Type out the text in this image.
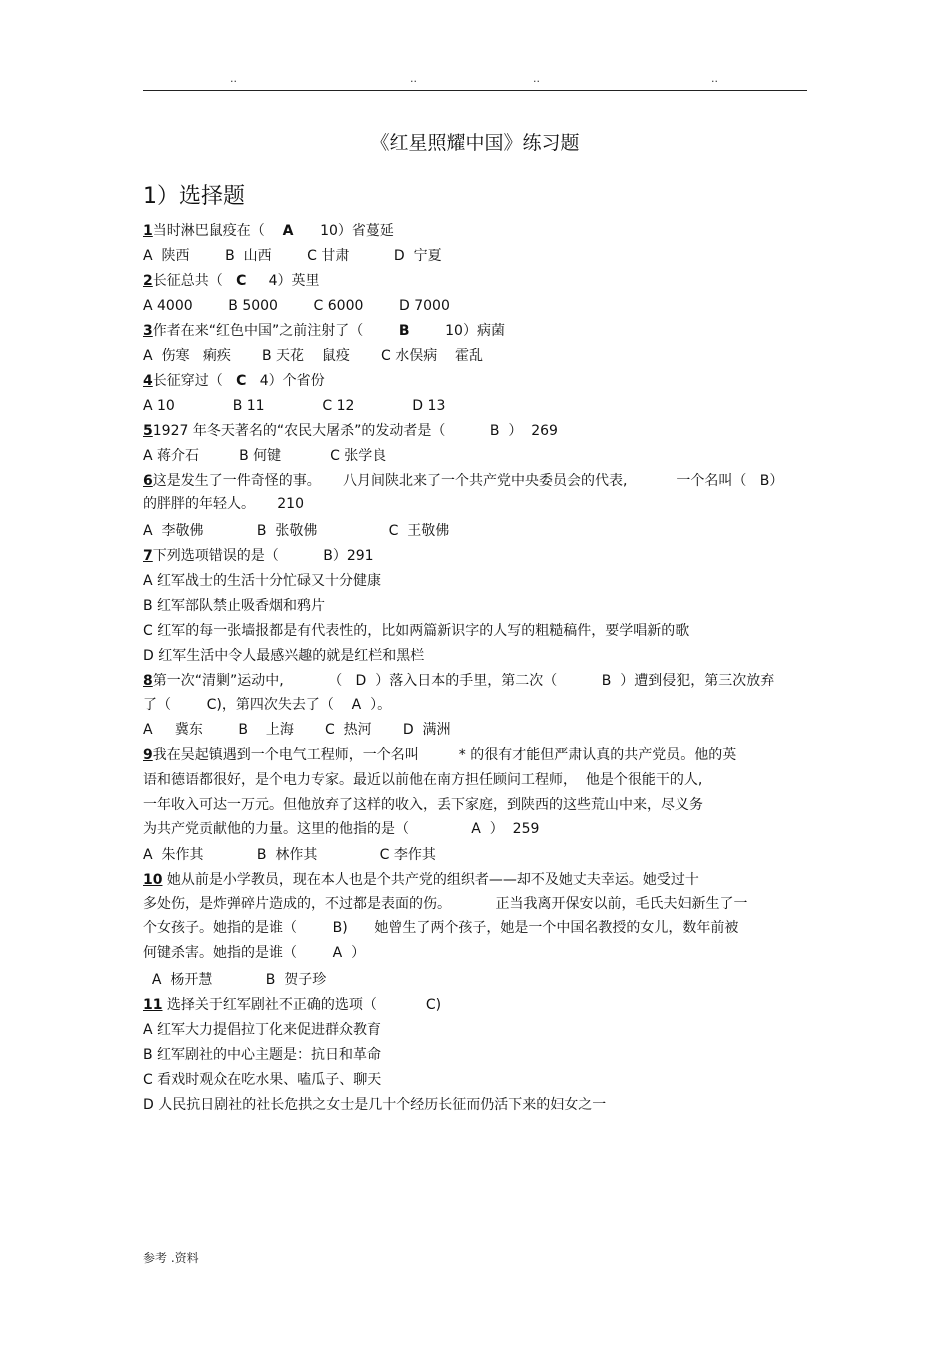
..	..	..	..
《红星照耀中国》练习题
1）选择题
1当时淋巴鼠疫在（    A      10）省蔓延
A  陕西        B  山西        C 甘肃          D  宁夏
2长征总共（   C     4）英里
A 4000        B 5000        C 6000        D 7000
3作者在来“红色中国”之前注射了（        B        10）病菌
A  伤寒   痢疾       B 天花    鼠疫       C 水俣病    霍乱
4长征穿过（   C   4）个省份
A 10             B 11             C 12             D 13
51927 年冬天著名的“农民大屠杀”的发动者是（          B  ）  269
A 蒋介石         B 何键           C 张学良
6这是发生了一件奇怪的事。     八月间陕北来了一个共产党中央委员会的代表,           一个名叫（   B）
的胖胖的年轻人。     210
A  李敬佛            B  张敬佛                C  王敬佛
7下列选项错误的是（          B）291
A 红军战士的生活十分忙碌又十分健康
B 红军部队禁止吸香烟和鸦片
C 红军的每一张墙报都是有代表性的，比如两篇新识字的人写的粗糙稿件，要学唱新的歌
D 红军生活中令人最感兴趣的就是红栏和黑栏
8第一次“清剿”运动中,          （   D  ）落入日本的手里，第二次（          B  ）遭到侵犯，第三次放弃
了（        C)，第四次失去了（    A  ）。
A     冀东        B    上海       C  热河       D  满洲
9我在吴起镇遇到一个电气工程师，一个名叫         * 的很有才能但严肃认真的共产党员。他的英
语和德语都很好，是个电力专家。最近以前他在南方担任顾问工程师，  他是个很能干的人,
一年收入可达一万元。但他放弃了这样的收入，丢下家庭，到陕西的这些荒山中来，尽义务
为共产党贡献他的力量。这里的他指的是（              A  ）  259
A  朱作其            B  林作其              C 李作其
10 她从前是小学教员，现在本人也是个共产党的组织者——却不及她丈夫幸运。她受过十
多处伤，是炸弹碎片造成的，不过都是表面的伤。          正当我离开保安以前，毛氏夫妇新生了一
个女孩子。她指的是谁（        B)      她曾生了两个孩子，她是一个中国名教授的女儿，数年前被
何键杀害。她指的是谁（        A  ）
A  杨开慧            B  贺子珍
11 选择关于红军剧社不正确的选项（           C)
A 红军大力提倡拉丁化来促进群众教育
B 红军剧社的中心主题是：抗日和革命
C 看戏时观众在吃水果、嗑瓜子、聊天
D 人民抗日剧社的社长危拱之女士是几十个经历长征而仍活下来的妇女之一
参考 .资料
